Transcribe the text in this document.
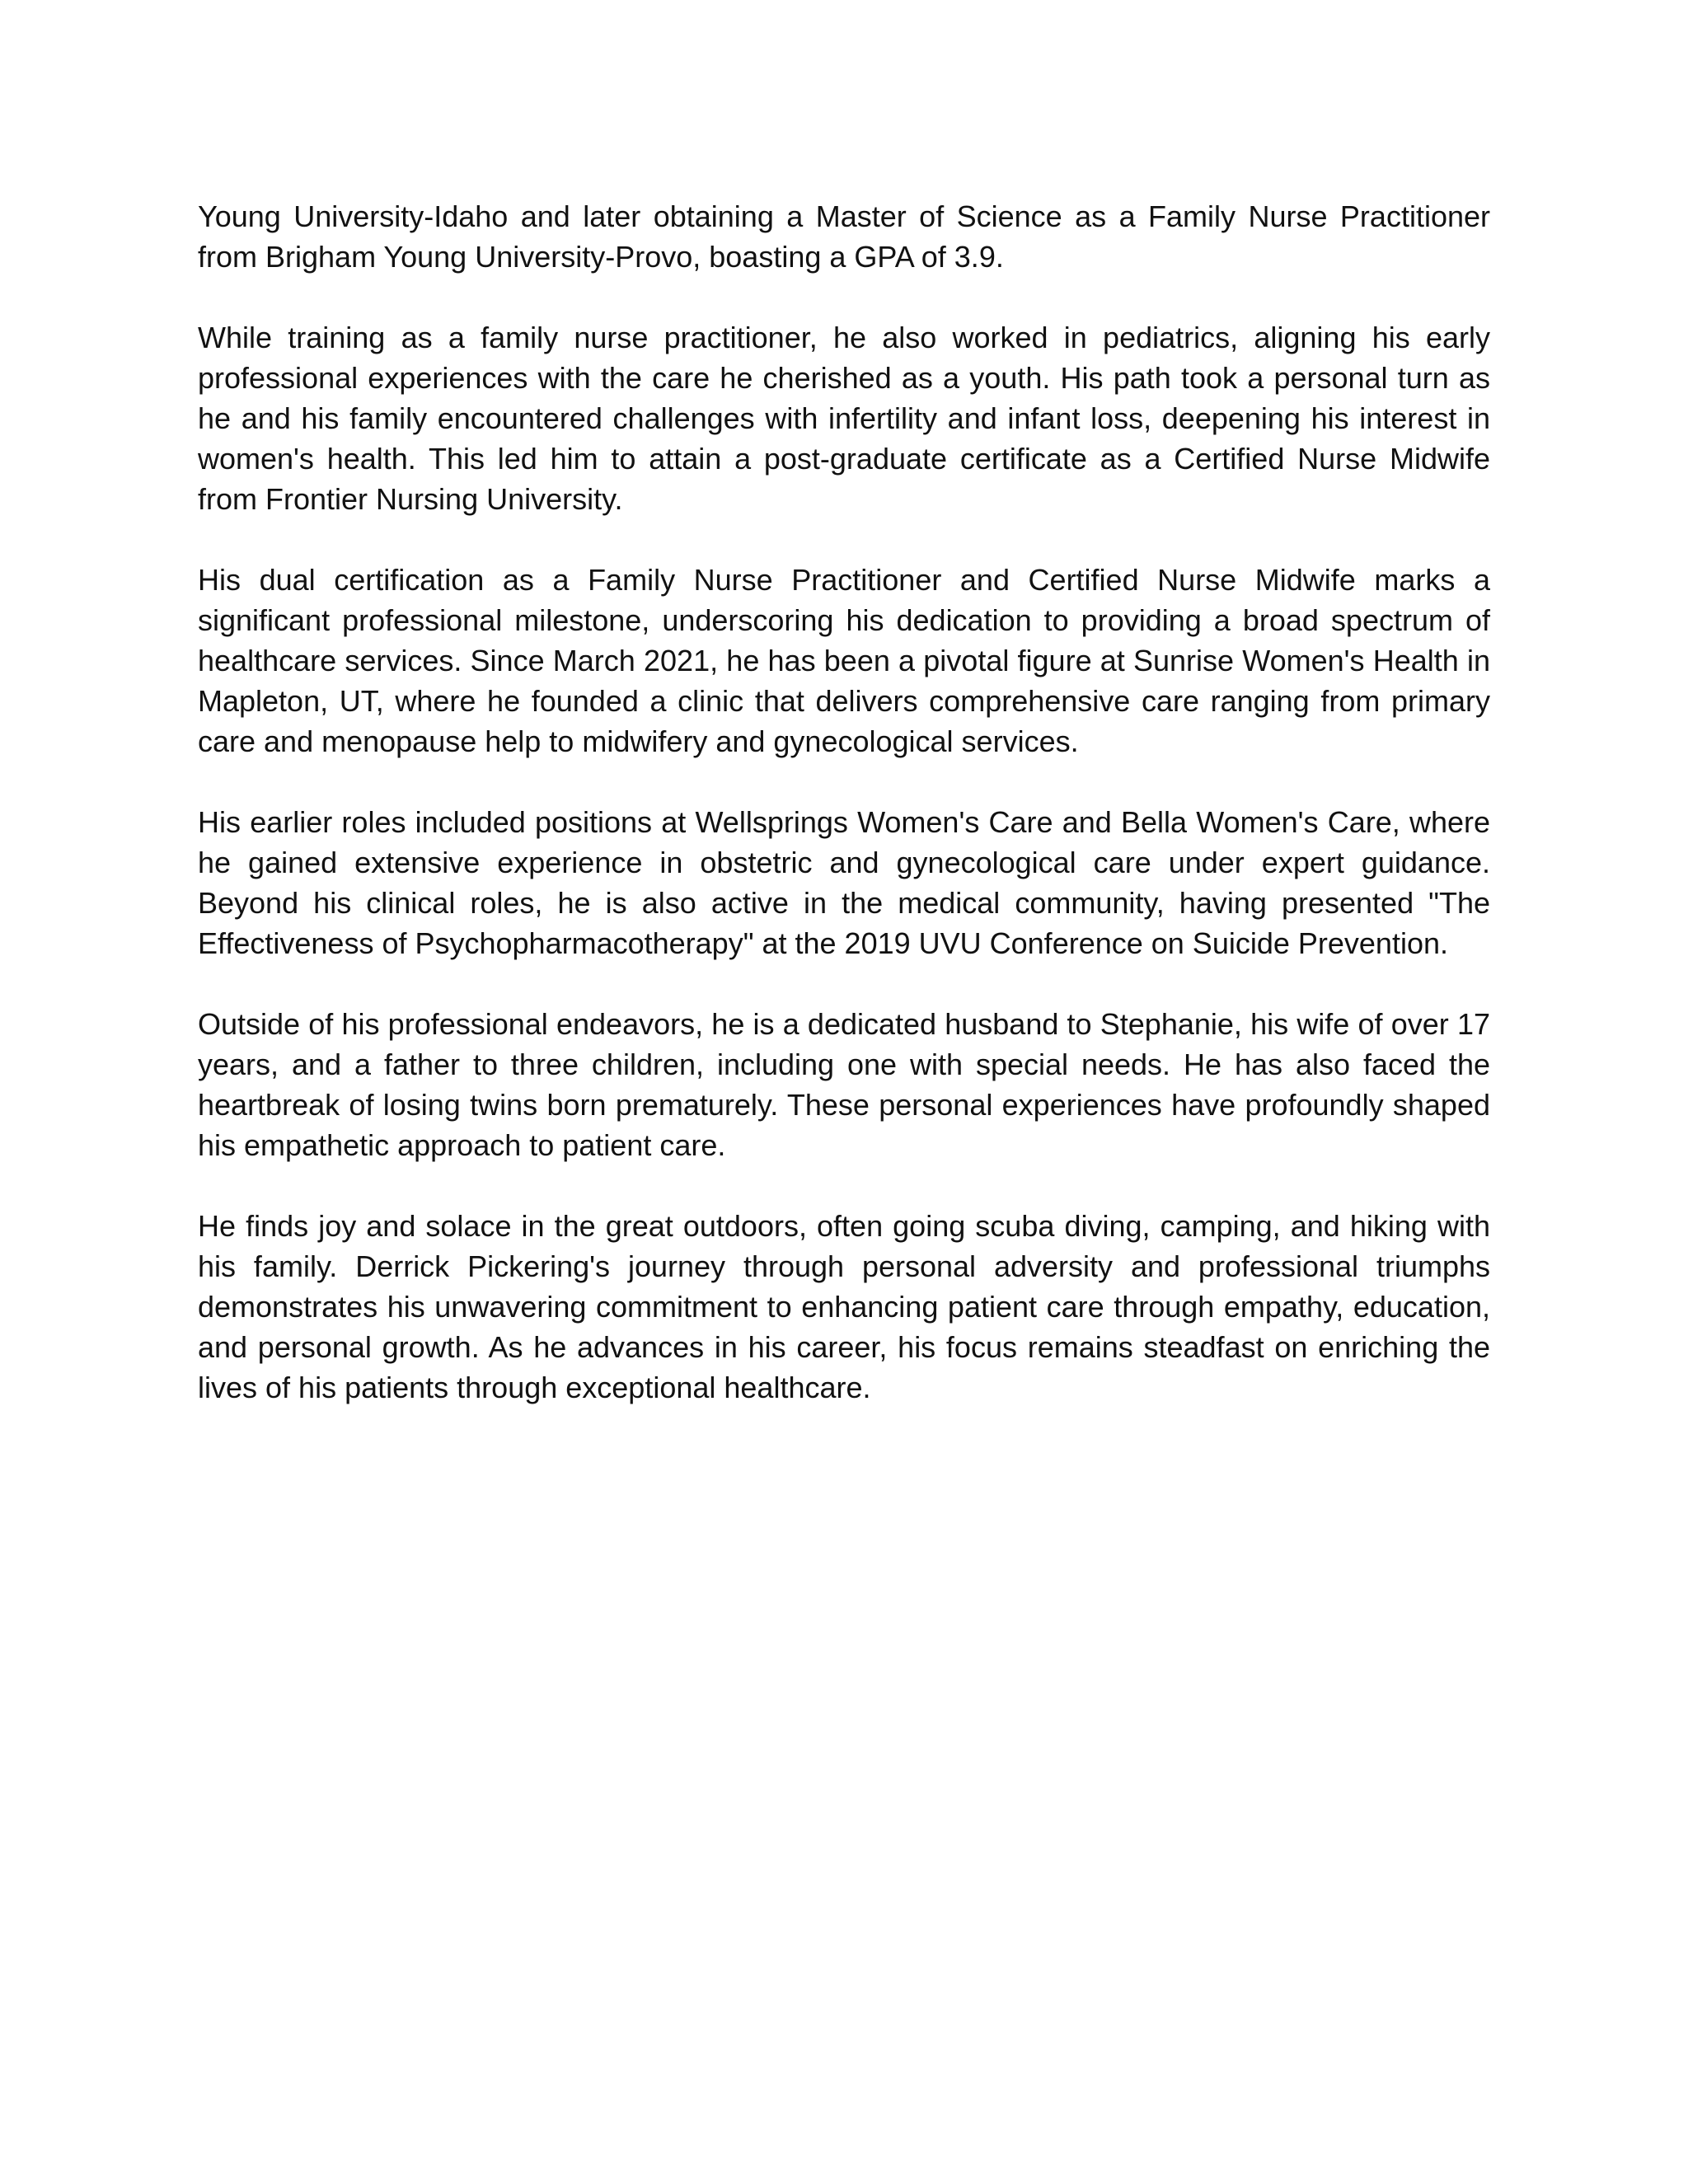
Young University-Idaho and later obtaining a Master of Science as a Family Nurse Practitioner from Brigham Young University-Provo, boasting a GPA of 3.9.

While training as a family nurse practitioner, he also worked in pediatrics, aligning his early professional experiences with the care he cherished as a youth. His path took a personal turn as he and his family encountered challenges with infertility and infant loss, deepening his interest in women's health. This led him to attain a post-graduate certificate as a Certified Nurse Midwife from Frontier Nursing University.

His dual certification as a Family Nurse Practitioner and Certified Nurse Midwife marks a significant professional milestone, underscoring his dedication to providing a broad spectrum of healthcare services. Since March 2021, he has been a pivotal figure at Sunrise Women's Health in Mapleton, UT, where he founded a clinic that delivers comprehensive care ranging from primary care and menopause help to midwifery and gynecological services.

His earlier roles included positions at Wellsprings Women's Care and Bella Women's Care, where he gained extensive experience in obstetric and gynecological care under expert guidance. Beyond his clinical roles, he is also active in the medical community, having presented "The Effectiveness of Psychopharmacotherapy" at the 2019 UVU Conference on Suicide Prevention.

Outside of his professional endeavors, he is a dedicated husband to Stephanie, his wife of over 17 years, and a father to three children, including one with special needs. He has also faced the heartbreak of losing twins born prematurely. These personal experiences have profoundly shaped his empathetic approach to patient care.

He finds joy and solace in the great outdoors, often going scuba diving, camping, and hiking with his family. Derrick Pickering's journey through personal adversity and professional triumphs demonstrates his unwavering commitment to enhancing patient care through empathy, education, and personal growth. As he advances in his career, his focus remains steadfast on enriching the lives of his patients through exceptional healthcare.
